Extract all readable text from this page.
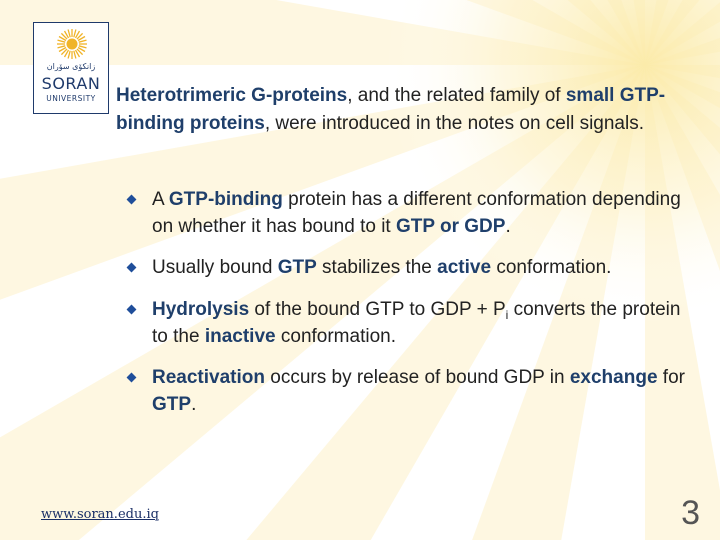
زانكۆی سۆران
SORAN
UNIVERSITY	Heterotrimeric G-proteins, and the related family of small GTP-binding proteins, were introduced in the notes on cell signals.
A GTP-binding protein has a different conformation depending on whether it has bound to it GTP or GDP.
Usually bound GTP stabilizes the active conformation.
Hydrolysis of the bound GTP to GDP + $P_i$ converts the protein to the inactive conformation.
Reactivation occurs by release of bound GDP in exchange for GTP.
www.soran.edu.iq	3
